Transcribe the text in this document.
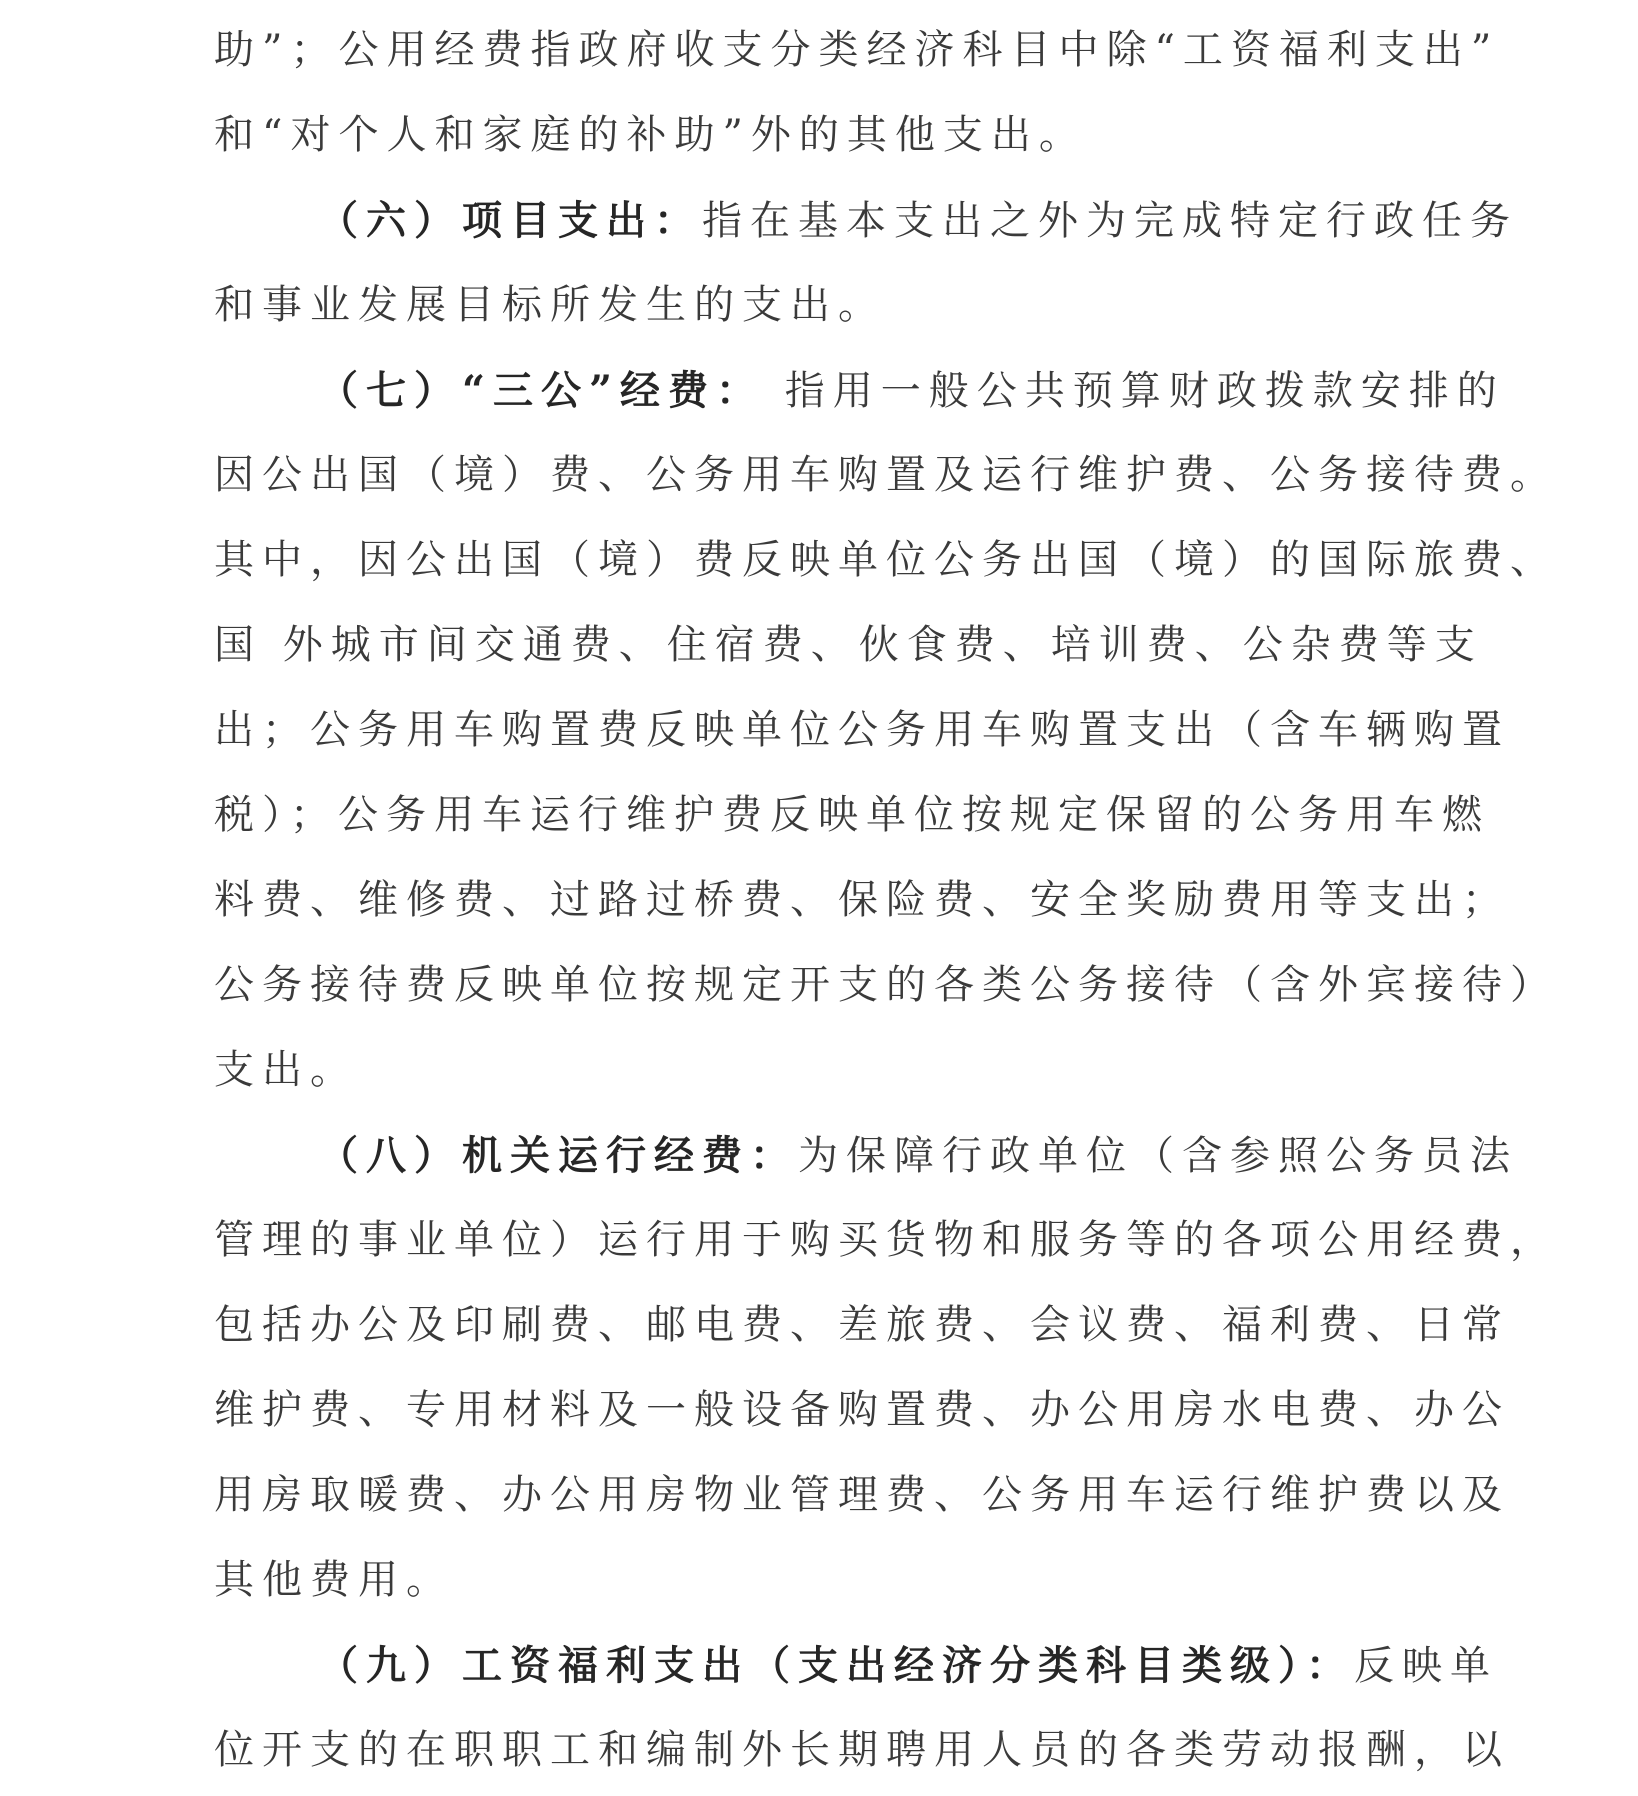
助”；公用经费指政府收支分类经济科目中除“工资福利支出”
和“对个人和家庭的补助”外的其他支出。
（六）项目支出：指在基本支出之外为完成特定行政任务
和事业发展目标所发生的支出。
（七）“三公”经费： 指用一般公共预算财政拨款安排的
因公出国（境）费、公务用车购置及运行维护费、公务接待费。
其中，因公出国（境）费反映单位公务出国（境）的国际旅费、
国 外城市间交通费、住宿费、伙食费、培训费、公杂费等支
出；公务用车购置费反映单位公务用车购置支出（含车辆购置
税）；公务用车运行维护费反映单位按规定保留的公务用车燃
料费、维修费、过路过桥费、保险费、安全奖励费用等支出；
公务接待费反映单位按规定开支的各类公务接待（含外宾接待）
支出。
（八）机关运行经费：为保障行政单位（含参照公务员法
管理的事业单位）运行用于购买货物和服务等的各项公用经费，
包括办公及印刷费、邮电费、差旅费、会议费、福利费、日常
维护费、专用材料及一般设备购置费、办公用房水电费、办公
用房取暖费、办公用房物业管理费、公务用车运行维护费以及
其他费用。
（九）工资福利支出（支出经济分类科目类级）：反映单
位开支的在职职工和编制外长期聘用人员的各类劳动报酬，以
